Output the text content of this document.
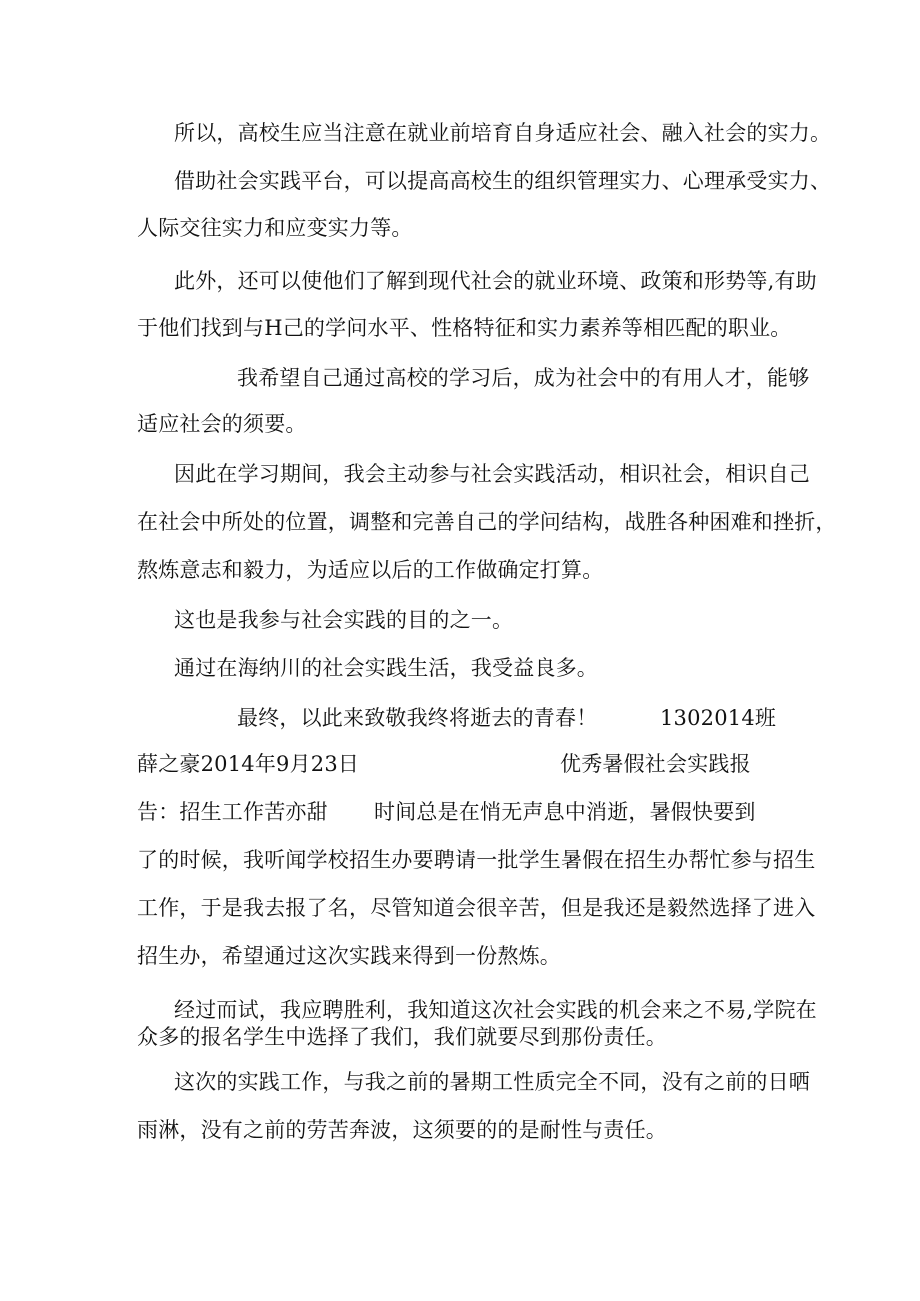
所以，高校生应当注意在就业前培育自身适应社会、融入社会的实力。
借助社会实践平台，可以提高高校生的组织管理实力、心理承受实力、
人际交往实力和应变实力等。
此外，还可以使他们了解到现代社会的就业环境、政策和形势等,有助
于他们找到与H己的学问水平、性格特征和实力素养等相匹配的职业。
我希望自己通过高校的学习后，成为社会中的有用人才，能够
适应社会的须要。
因此在学习期间，我会主动参与社会实践活动，相识社会，相识自己
在社会中所处的位置，调整和完善自己的学问结构，战胜各种困难和挫折，
熬炼意志和毅力，为适应以后的工作做确定打算。
这也是我参与社会实践的目的之一。
通过在海纳川的社会实践生活，我受益良多。
最终，以此来致敬我终将逝去的青春！	1302014班
薛之豪2014年9月23日	优秀暑假社会实践报
告：招生工作苦亦甜 时间总是在悄无声息中消逝，暑假快要到
了的时候，我听闻学校招生办要聘请一批学生暑假在招生办帮忙参与招生
工作，于是我去报了名，尽管知道会很辛苦，但是我还是毅然选择了进入
招生办，希望通过这次实践来得到一份熬炼。
经过而试，我应聘胜利，我知道这次社会实践的机会来之不易,学院在
众多的报名学生中选择了我们，我们就要尽到那份责任。
这次的实践工作，与我之前的暑期工性质完全不同，没有之前的日晒
雨淋，没有之前的劳苦奔波，这须要的的是耐性与责任。
